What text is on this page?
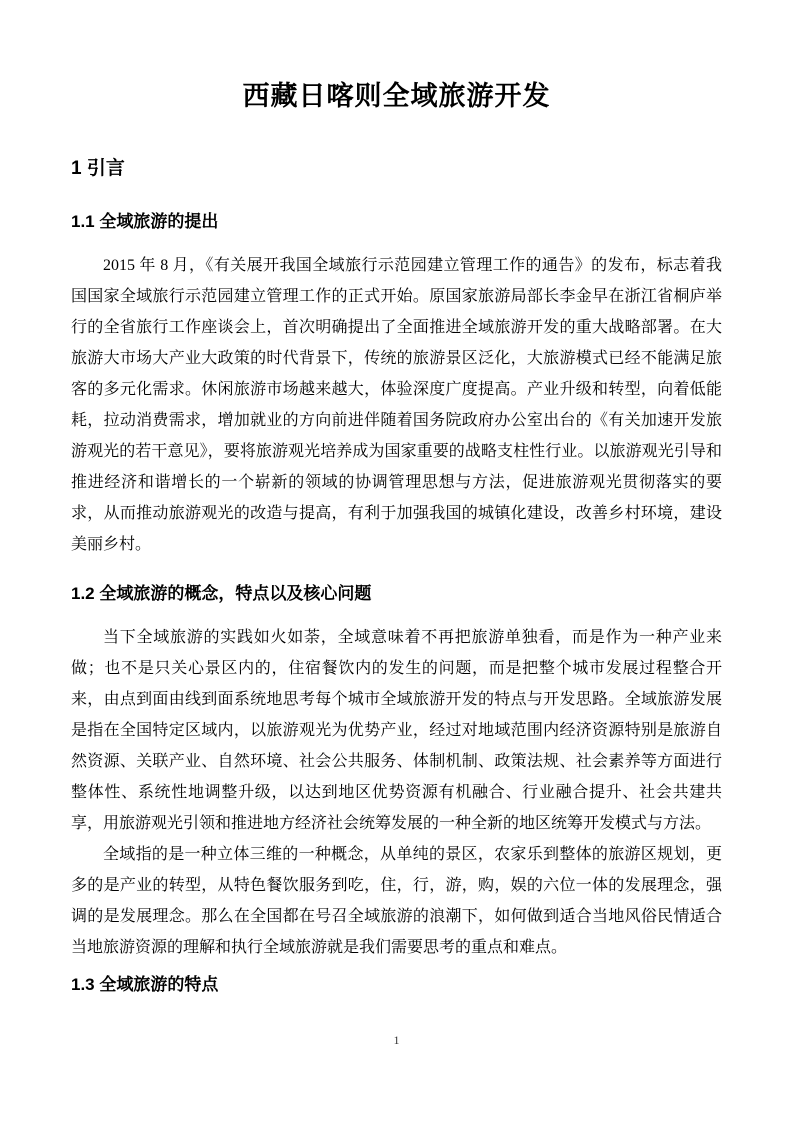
西藏日喀则全域旅游开发
1 引言
1.1 全域旅游的提出

2015 年 8 月，《有关展开我国全域旅行示范园建立管理工作的通告》的发布，标志着我国国家全域旅行示范园建立管理工作的正式开始。原国家旅游局部长李金早在浙江省桐庐举行的全省旅行工作座谈会上，首次明确提出了全面推进全域旅游开发的重大战略部署。在大旅游大市场大产业大政策的时代背景下，传统的旅游景区泛化，大旅游模式已经不能满足旅客的多元化需求。休闲旅游市场越来越大，体验深度广度提高。产业升级和转型，向着低能耗，拉动消费需求，增加就业的方向前进伴随着国务院政府办公室出台的《有关加速开发旅游观光的若干意见》，要将旅游观光培养成为国家重要的战略支柱性行业。以旅游观光引导和推进经济和谐增长的一个崭新的领域的协调管理思想与方法，促进旅游观光贯彻落实的要求，从而推动旅游观光的改造与提高，有利于加强我国的城镇化建设，改善乡村环境，建设美丽乡村。

1.2 全域旅游的概念，特点以及核心问题

当下全域旅游的实践如火如荼，全域意味着不再把旅游单独看，而是作为一种产业来做；也不是只关心景区内的，住宿餐饮内的发生的问题，而是把整个城市发展过程整合开来，由点到面由线到面系统地思考每个城市全域旅游开发的特点与开发思路。全域旅游发展是指在全国特定区域内，以旅游观光为优势产业，经过对地域范围内经济资源特别是旅游自然资源、关联产业、自然环境、社会公共服务、体制机制、政策法规、社会素养等方面进行整体性、系统性地调整升级，以达到地区优势资源有机融合、行业融合提升、社会共建共享，用旅游观光引领和推进地方经济社会统筹发展的一种全新的地区统筹开发模式与方法。

全域指的是一种立体三维的一种概念，从单纯的景区，农家乐到整体的旅游区规划，更多的是产业的转型，从特色餐饮服务到吃，住，行，游，购，娱的六位一体的发展理念，强调的是发展理念。那么在全国都在号召全域旅游的浪潮下，如何做到适合当地风俗民情适合当地旅游资源的理解和执行全域旅游就是我们需要思考的重点和难点。

1.3 全域旅游的特点
1
